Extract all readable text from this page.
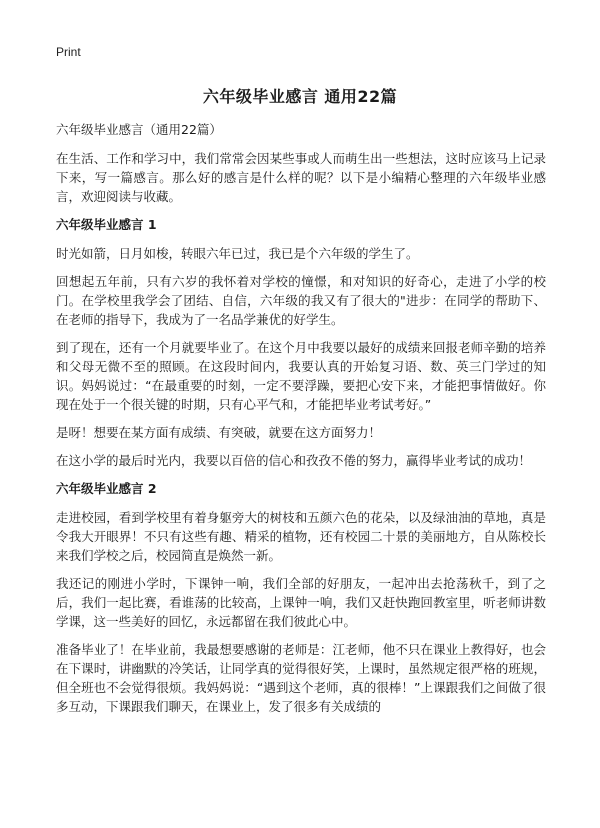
Print
六年级毕业感言 通用22篇

六年级毕业感言（通用22篇）

在生活、工作和学习中，我们常常会因某些事或人而萌生出一些想法，这时应该马上记录下来，写一篇感言。那么好的感言是什么样的呢？以下是小编精心整理的六年级毕业感言，欢迎阅读与收藏。

六年级毕业感言 1

时光如箭，日月如梭，转眼六年已过，我已是个六年级的学生了。

回想起五年前，只有六岁的我怀着对学校的憧憬，和对知识的好奇心，走进了小学的校门。在学校里我学会了团结、自信，六年级的我又有了很大的"进步：在同学的帮助下、在老师的指导下，我成为了一名品学兼优的好学生。

到了现在，还有一个月就要毕业了。在这个月中我要以最好的成绩来回报老师辛勤的培养和父母无微不至的照顾。在这段时间内，我要认真的开始复习语、数、英三门学过的知识。妈妈说过：“在最重要的时刻，一定不要浮躁，要把心安下来，才能把事情做好。你现在处于一个很关键的时期，只有心平气和，才能把毕业考试考好。”

是呀！想要在某方面有成绩、有突破，就要在这方面努力！

在这小学的最后时光内，我要以百倍的信心和孜孜不倦的努力，赢得毕业考试的成功！

六年级毕业感言 2

走进校园，看到学校里有着身躯旁大的树枝和五颜六色的花朵，以及绿油油的草地，真是令我大开眼界！不只有这些有趣、精采的植物，还有校园二十景的美丽地方，自从陈校长来我们学校之后，校园简直是焕然一新。

我还记的刚进小学时，下课钟一响，我们全部的好朋友，一起冲出去抢荡秋千，到了之后，我们一起比赛，看谁荡的比较高，上课钟一响，我们又赶快跑回教室里，听老师讲数学课，这一些美好的回忆，永远都留在我们彼此心中。

准备毕业了！在毕业前，我最想要感谢的老师是：江老师，他不只在课业上教得好，也会在下课时，讲幽默的冷笑话，让同学真的觉得很好笑，上课时，虽然规定很严格的班规，但全班也不会觉得很烦。我妈妈说：“遇到这个老师，真的很棒！”上课跟我们之间做了很多互动，下课跟我们聊天，在课业上，发了很多有关成绩的
